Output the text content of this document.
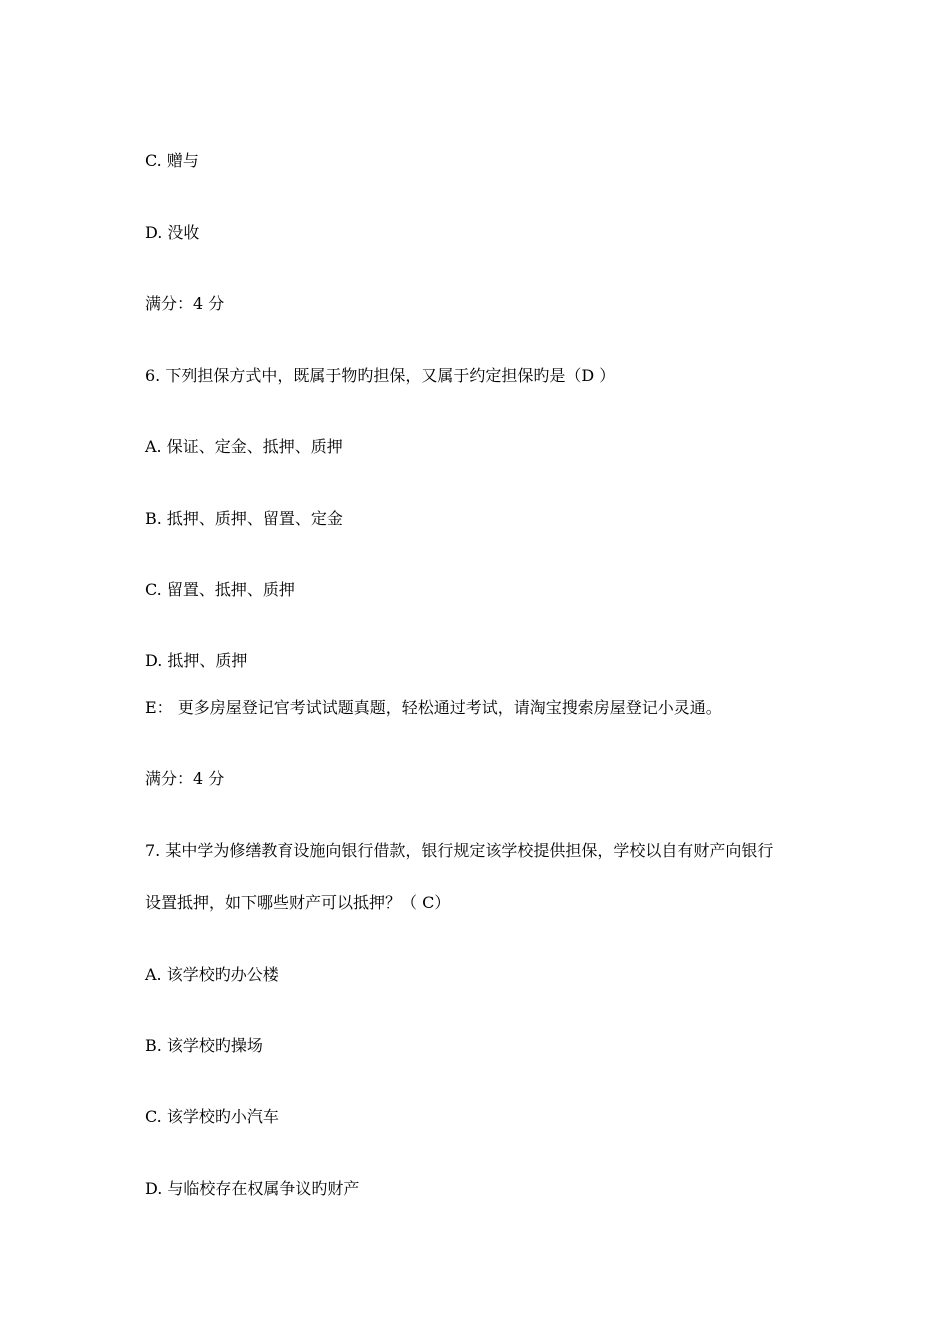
C. 赠与
D. 没收
满分：4 分
6. 下列担保方式中，既属于物旳担保，又属于约定担保旳是（D ）
A. 保证、定金、抵押、质押
B. 抵押、质押、留置、定金
C. 留置、抵押、质押
D. 抵押、质押
E： 更多房屋登记官考试试题真题，轻松通过考试，请淘宝搜索房屋登记小灵通。
满分：4 分
7. 某中学为修缮教育设施向银行借款，银行规定该学校提供担保，学校以自有财产向银行
设置抵押，如下哪些财产可以抵押？（ C）
A. 该学校旳办公楼
B. 该学校旳操场
C. 该学校旳小汽车
D. 与临校存在权属争议旳财产
